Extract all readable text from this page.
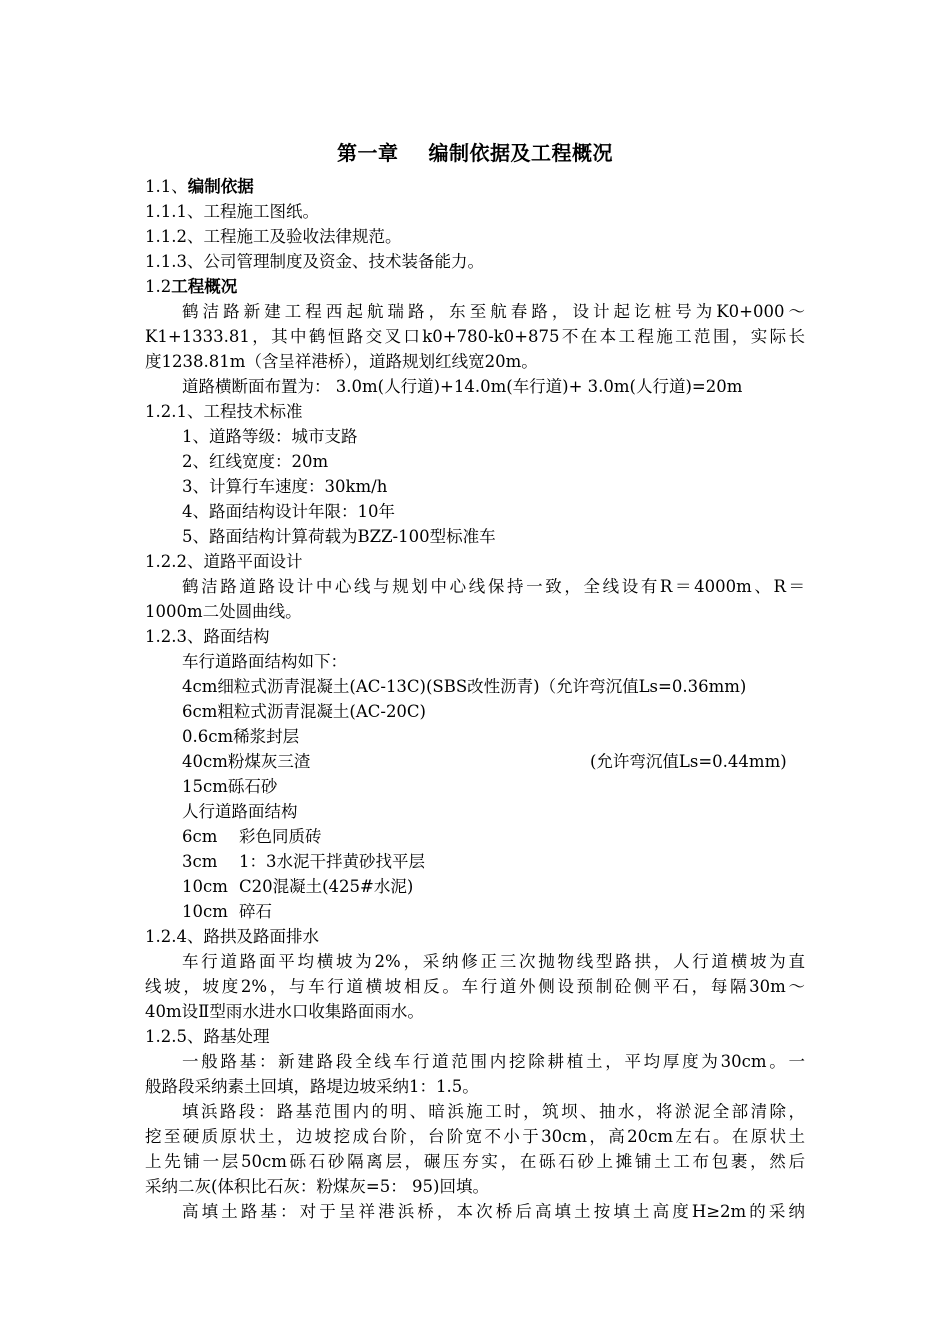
第一章 编制依据及工程概况
1.1、编制依据
1.1.1、工程施工图纸。
1.1.2、工程施工及验收法律规范。
1.1.3、公司管理制度及资金、技术装备能力。
1.2工程概况
鹤洁路新建工程西起航瑞路，东至航春路，设计起讫桩号为K0+000～
K1+1333.81，其中鹤恒路交叉口k0+780-k0+875不在本工程施工范围，实际长
度1238.81m（含呈祥港桥），道路规划红线宽20m。
道路横断面布置为： 3.0m(人行道)+14.0m(车行道)+ 3.0m(人行道)=20m
1.2.1、工程技术标准
1、道路等级：城市支路
2、红线宽度：20m
3、计算行车速度：30km/h
4、路面结构设计年限：10年
5、路面结构计算荷载为BZZ-100型标准车
1.2.2、道路平面设计
鹤洁路道路设计中心线与规划中心线保持一致，全线设有R＝4000m、R＝
1000m二处圆曲线。
1.2.3、路面结构
车行道路面结构如下：
4cm细粒式沥青混凝土(AC-13C)(SBS改性沥青)（允许弯沉值Ls=0.36mm)
6cm粗粒式沥青混凝土(AC-20C)
0.6cm稀浆封层
40cm粉煤灰三渣	(允许弯沉值Ls=0.44mm)
15cm砾石砂
人行道路面结构
6cm 彩色同质砖
3cm 1：3水泥干拌黄砂找平层
10cm C20混凝土(425#水泥)
10cm 碎石
1.2.4、路拱及路面排水
车行道路面平均横坡为2%，采纳修正三次抛物线型路拱，人行道横坡为直
线坡，坡度2%，与车行道横坡相反。车行道外侧设预制砼侧平石，每隔30m～
40m设Ⅱ型雨水进水口收集路面雨水。
1.2.5、路基处理
一般路基：新建路段全线车行道范围内挖除耕植土，平均厚度为30cm。一
般路段采纳素土回填，路堤边坡采纳1：1.5。
填浜路段：路基范围内的明、暗浜施工时，筑坝、抽水，将淤泥全部清除，
挖至硬质原状土，边坡挖成台阶，台阶宽不小于30cm，高20cm左右。在原状土
上先铺一层50cm砾石砂隔离层，碾压夯实，在砾石砂上摊铺土工布包裹，然后
采纳二灰(体积比石灰：粉煤灰=5： 95)回填。
高填土路基：对于呈祥港浜桥，本次桥后高填土按填土高度H≥2m的采纳
